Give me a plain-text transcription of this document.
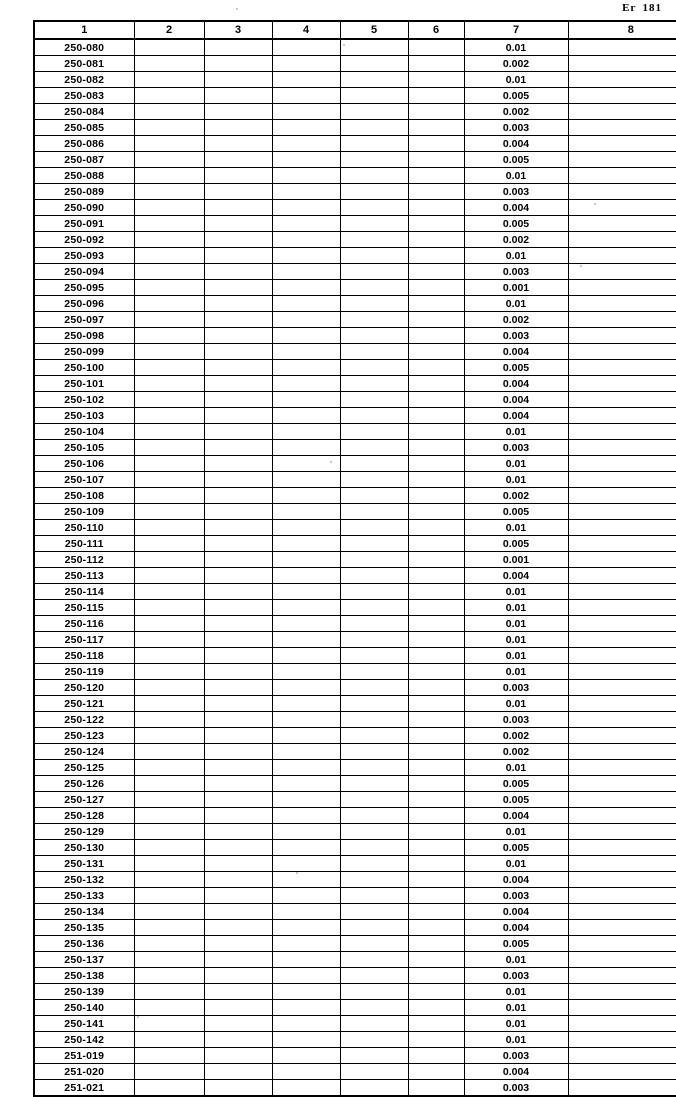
Ег 181
1	2	3	4	5	6	7	8
250-080						0.01	
250-081						0.002	
250-082						0.01	
250-083						0.005	
250-084						0.002	
250-085						0.003	
250-086						0.004	
250-087						0.005	
250-088						0.01	
250-089						0.003	
250-090						0.004	
250-091						0.005	
250-092						0.002	
250-093						0.01	
250-094						0.003	
250-095						0.001	
250-096						0.01	
250-097						0.002	
250-098						0.003	
250-099						0.004	
250-100						0.005	
250-101						0.004	
250-102						0.004	
250-103						0.004	
250-104						0.01	
250-105						0.003	
250-106						0.01	
250-107						0.01	
250-108						0.002	
250-109						0.005	
250-110						0.01	
250-111						0.005	
250-112						0.001	
250-113						0.004	
250-114						0.01	
250-115						0.01	
250-116						0.01	
250-117						0.01	
250-118						0.01	
250-119						0.01	
250-120						0.003	
250-121						0.01	
250-122						0.003	
250-123						0.002	
250-124						0.002	
250-125						0.01	
250-126						0.005	
250-127						0.005	
250-128						0.004	
250-129						0.01	
250-130						0.005	
250-131						0.01	
250-132						0.004	
250-133						0.003	
250-134						0.004	
250-135						0.004	
250-136						0.005	
250-137						0.01	
250-138						0.003	
250-139						0.01	
250-140						0.01	
250-141						0.01	
250-142						0.01	
251-019						0.003	
251-020						0.004	
251-021						0.003	
